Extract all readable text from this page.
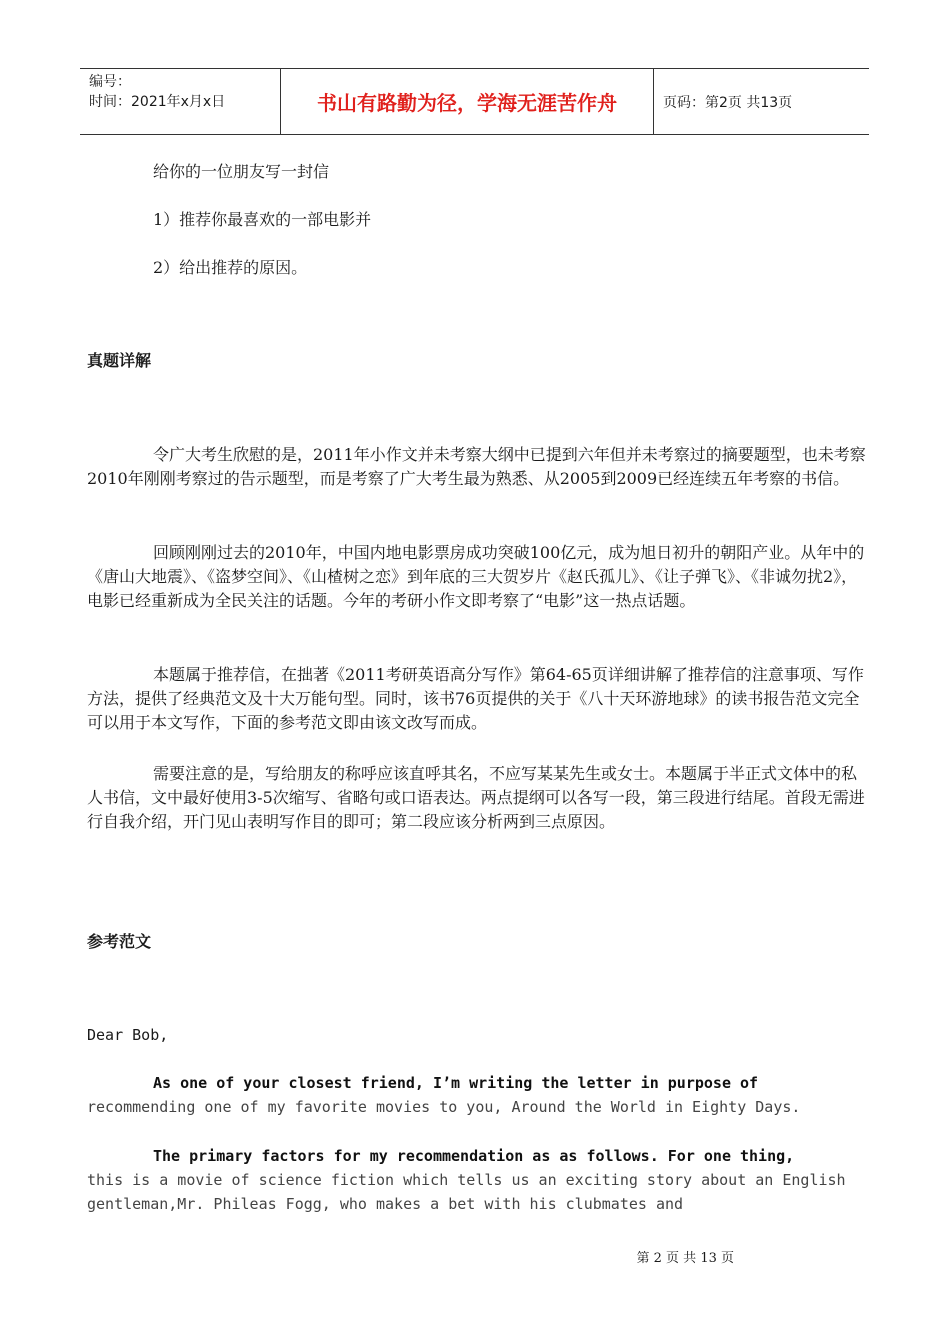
编号：
时间：2021年x月x日	书山有路勤为径，学海无涯苦作舟	页码：第2页 共13页

给你的一位朋友写一封信

1）推荐你最喜欢的一部电影并

2）给出推荐的原因。

真题详解

令广大考生欣慰的是，2011年小作文并未考察大纲中已提到六年但并未考察过的摘要题型，也未考察2010年刚刚考察过的告示题型，而是考察了广大考生最为熟悉、从2005到2009已经连续五年考察的书信。

回顾刚刚过去的2010年，中国内地电影票房成功突破100亿元，成为旭日初升的朝阳产业。从年中的《唐山大地震》、《盗梦空间》、《山楂树之恋》到年底的三大贺岁片《赵氏孤儿》、《让子弹飞》、《非诚勿扰2》，电影已经重新成为全民关注的话题。今年的考研小作文即考察了“电影”这一热点话题。

本题属于推荐信，在拙著《2011考研英语高分写作》第64-65页详细讲解了推荐信的注意事项、写作方法，提供了经典范文及十大万能句型。同时，该书76页提供的关于《八十天环游地球》的读书报告范文完全可以用于本文写作，下面的参考范文即由该文改写而成。

需要注意的是，写给朋友的称呼应该直呼其名，不应写某某先生或女士。本题属于半正式文体中的私人书信，文中最好使用3-5次缩写、省略句或口语表达。两点提纲可以各写一段，第三段进行结尾。首段无需进行自我介绍，开门见山表明写作目的即可；第二段应该分析两到三点原因。

参考范文

Dear Bob,

As one of your closest friend, I’m writing the letter in purpose of
recommending one of my favorite movies to you, Around the World in Eighty Days.

The primary factors for my recommendation as as follows. For one thing,
this is a movie of science fiction which tells us an exciting story about an English gentleman,Mr. Phileas Fogg, who makes a bet with his clubmates and

第 2 页 共 13 页
